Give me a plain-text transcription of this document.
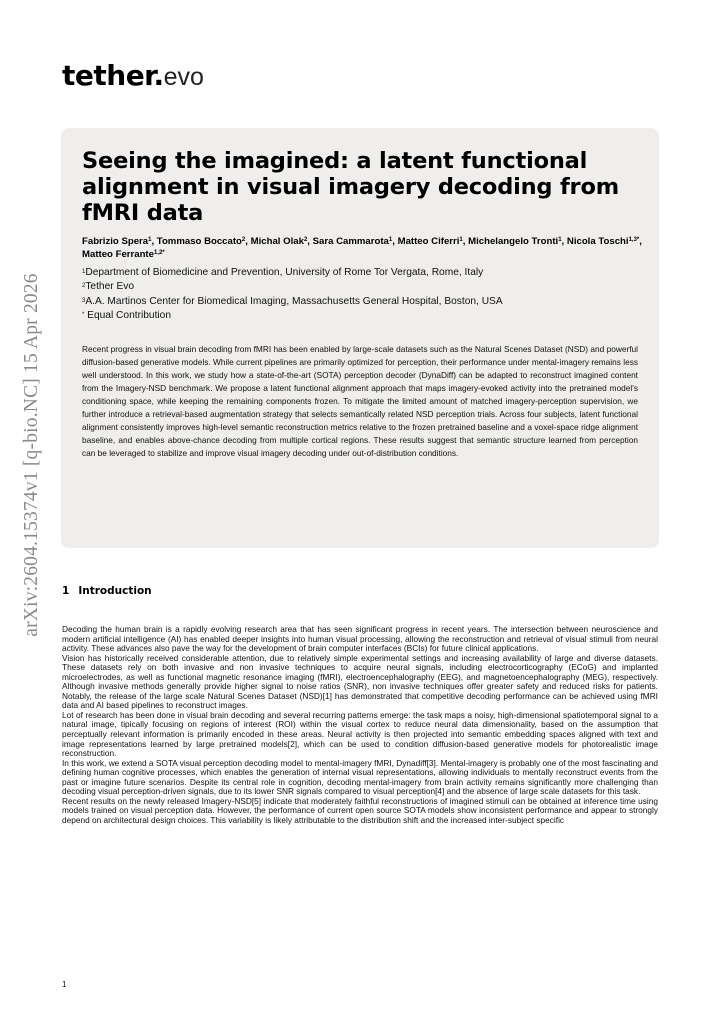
tether.evo
arXiv:2604.15374v1 [q-bio.NC] 15 Apr 2026
Seeing the imagined: a latent functional alignment in visual imagery decoding from fMRI data
Fabrizio Spera$^1$, Tommaso Boccato$^2$, Michal Olak$^2$, Sara Cammarota$^1$, Matteo Ciferri$^1$, Michelangelo Tronti$^1$, Nicola Toschi$^{1,3*}$, Matteo Ferrante$^{1,2*}$
$^1$Department of Biomedicine and Prevention, University of Rome Tor Vergata, Rome, Italy
$^2$Tether Evo
$^3$A.A. Martinos Center for Biomedical Imaging, Massachusetts General Hospital, Boston, USA
* Equal Contribution

Recent progress in visual brain decoding from fMRI has been enabled by large-scale datasets such as the Natural Scenes Dataset (NSD) and powerful diffusion-based generative models. While current pipelines are primarily optimized for perception, their performance under mental-imagery remains less well understood. In this work, we study how a state-of-the-art (SOTA) perception decoder (DynaDiff) can be adapted to reconstruct imagined content from the Imagery-NSD benchmark. We propose a latent functional alignment approach that maps imagery-evoked activity into the pretrained model's conditioning space, while keeping the remaining components frozen. To mitigate the limited amount of matched imagery-perception supervision, we further introduce a retrieval-based augmentation strategy that selects semantically related NSD perception trials. Across four subjects, latent functional alignment consistently improves high-level semantic reconstruction metrics relative to the frozen pretrained baseline and a voxel-space ridge alignment baseline, and enables above-chance decoding from multiple cortical regions. These results suggest that semantic structure learned from perception can be leveraged to stabilize and improve visual imagery decoding under out-of-distribution conditions.

1 Introduction

Decoding the human brain is a rapidly evolving research area that has seen significant progress in recent years. The intersection between neuroscience and modern artificial intelligence (AI) has enabled deeper insights into human visual processing, allowing the reconstruction and retrieval of visual stimuli from neural activity. These advances also pave the way for the development of brain computer interfaces (BCIs) for future clinical applications.

Vision has historically received considerable attention, due to relatively simple experimental settings and increasing availability of large and diverse datasets. These datasets rely on both invasive and non invasive techniques to acquire neural signals, including electrocorticography (ECoG) and implanted microelectrodes, as well as functional magnetic resonance imaging (fMRI), electroencephalography (EEG), and magnetoencephalography (MEG), respectively. Although invasive methods generally provide higher signal to noise ratios (SNR), non invasive techniques offer greater safety and reduced risks for patients. Notably, the release of the large scale Natural Scenes Dataset (NSD)[1] has demonstrated that competitive decoding performance can be achieved using fMRI data and AI based pipelines to reconstruct images.

Lot of research has been done in visual brain decoding and several recurring patterns emerge: the task maps a noisy, high-dimensional spatiotemporal signal to a natural image, tipically focusing on regions of interest (ROI) within the visual cortex to reduce neural data dimensionality, based on the assumption that perceptually relevant information is primarily encoded in these areas. Neural activity is then projected into semantic embedding spaces aligned with text and image representations learned by large pretrained models[2], which can be used to condition diffusion-based generative models for photorealistic image reconstruction.

In this work, we extend a SOTA visual perception decoding model to mental-imagery fMRI, Dynadiff[3]. Mental-imagery is probably one of the most fascinating and defining human cognitive processes, which enables the generation of internal visual representations, allowing individuals to mentally reconstruct events from the past or imagine future scenarios. Despite its central role in cognition, decoding mental-imagery from brain activity remains significantly more challenging than decoding visual perception-driven signals, due to its lower SNR signals compared to visual perception[4] and the absence of large scale datasets for this task.

Recent results on the newly released Imagery-NSD[5] indicate that moderately faithful reconstructions of imagined stimuli can be obtained at inference time using models trained on visual perception data. However, the performance of current open source SOTA models show inconsistent performance and appear to strongly depend on architectural design choices. This variability is likely attributable to the distribution shift and the increased inter-subject specific

1
